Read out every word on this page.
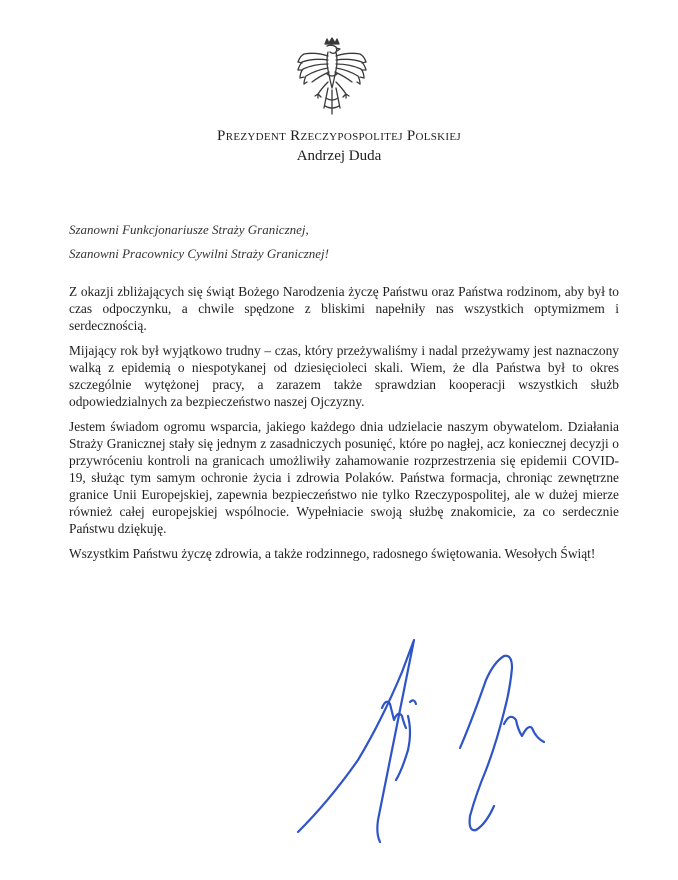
Prezydent Rzeczypospolitej Polskiej
Andrzej Duda
Szanowni Funkcjonariusze Straży Granicznej,
Szanowni Pracownicy Cywilni Straży Granicznej!

Z okazji zbliżających się świąt Bożego Narodzenia życzę Państwu oraz Państwa rodzinom, aby był to czas odpoczynku, a chwile spędzone z bliskimi napełniły nas wszystkich optymizmem i serdecznością.

Mijający rok był wyjątkowo trudny – czas, który przeżywaliśmy i nadal przeżywamy jest naznaczony walką z epidemią o niespotykanej od dziesięcioleci skali. Wiem, że dla Państwa był to okres szczególnie wytężonej pracy, a zarazem także sprawdzian kooperacji wszystkich służb odpowiedzialnych za bezpieczeństwo naszej Ojczyzny.

Jestem świadom ogromu wsparcia, jakiego każdego dnia udzielacie naszym obywatelom. Działania Straży Granicznej stały się jednym z zasadniczych posunięć, które po nagłej, acz koniecznej decyzji o przywróceniu kontroli na granicach umożliwiły zahamowanie rozprzestrzenia się epidemii COVID-19, służąc tym samym ochronie życia i zdrowia Polaków. Państwa formacja, chroniąc zewnętrzne granice Unii Europejskiej, zapewnia bezpieczeństwo nie tylko Rzeczypospolitej, ale w dużej mierze również całej europejskiej wspólnocie. Wypełniacie swoją służbę znakomicie, za co serdecznie Państwu dziękuję.

Wszystkim Państwu życzę zdrowia, a także rodzinnego, radosnego świętowania. Wesołych Świąt!
